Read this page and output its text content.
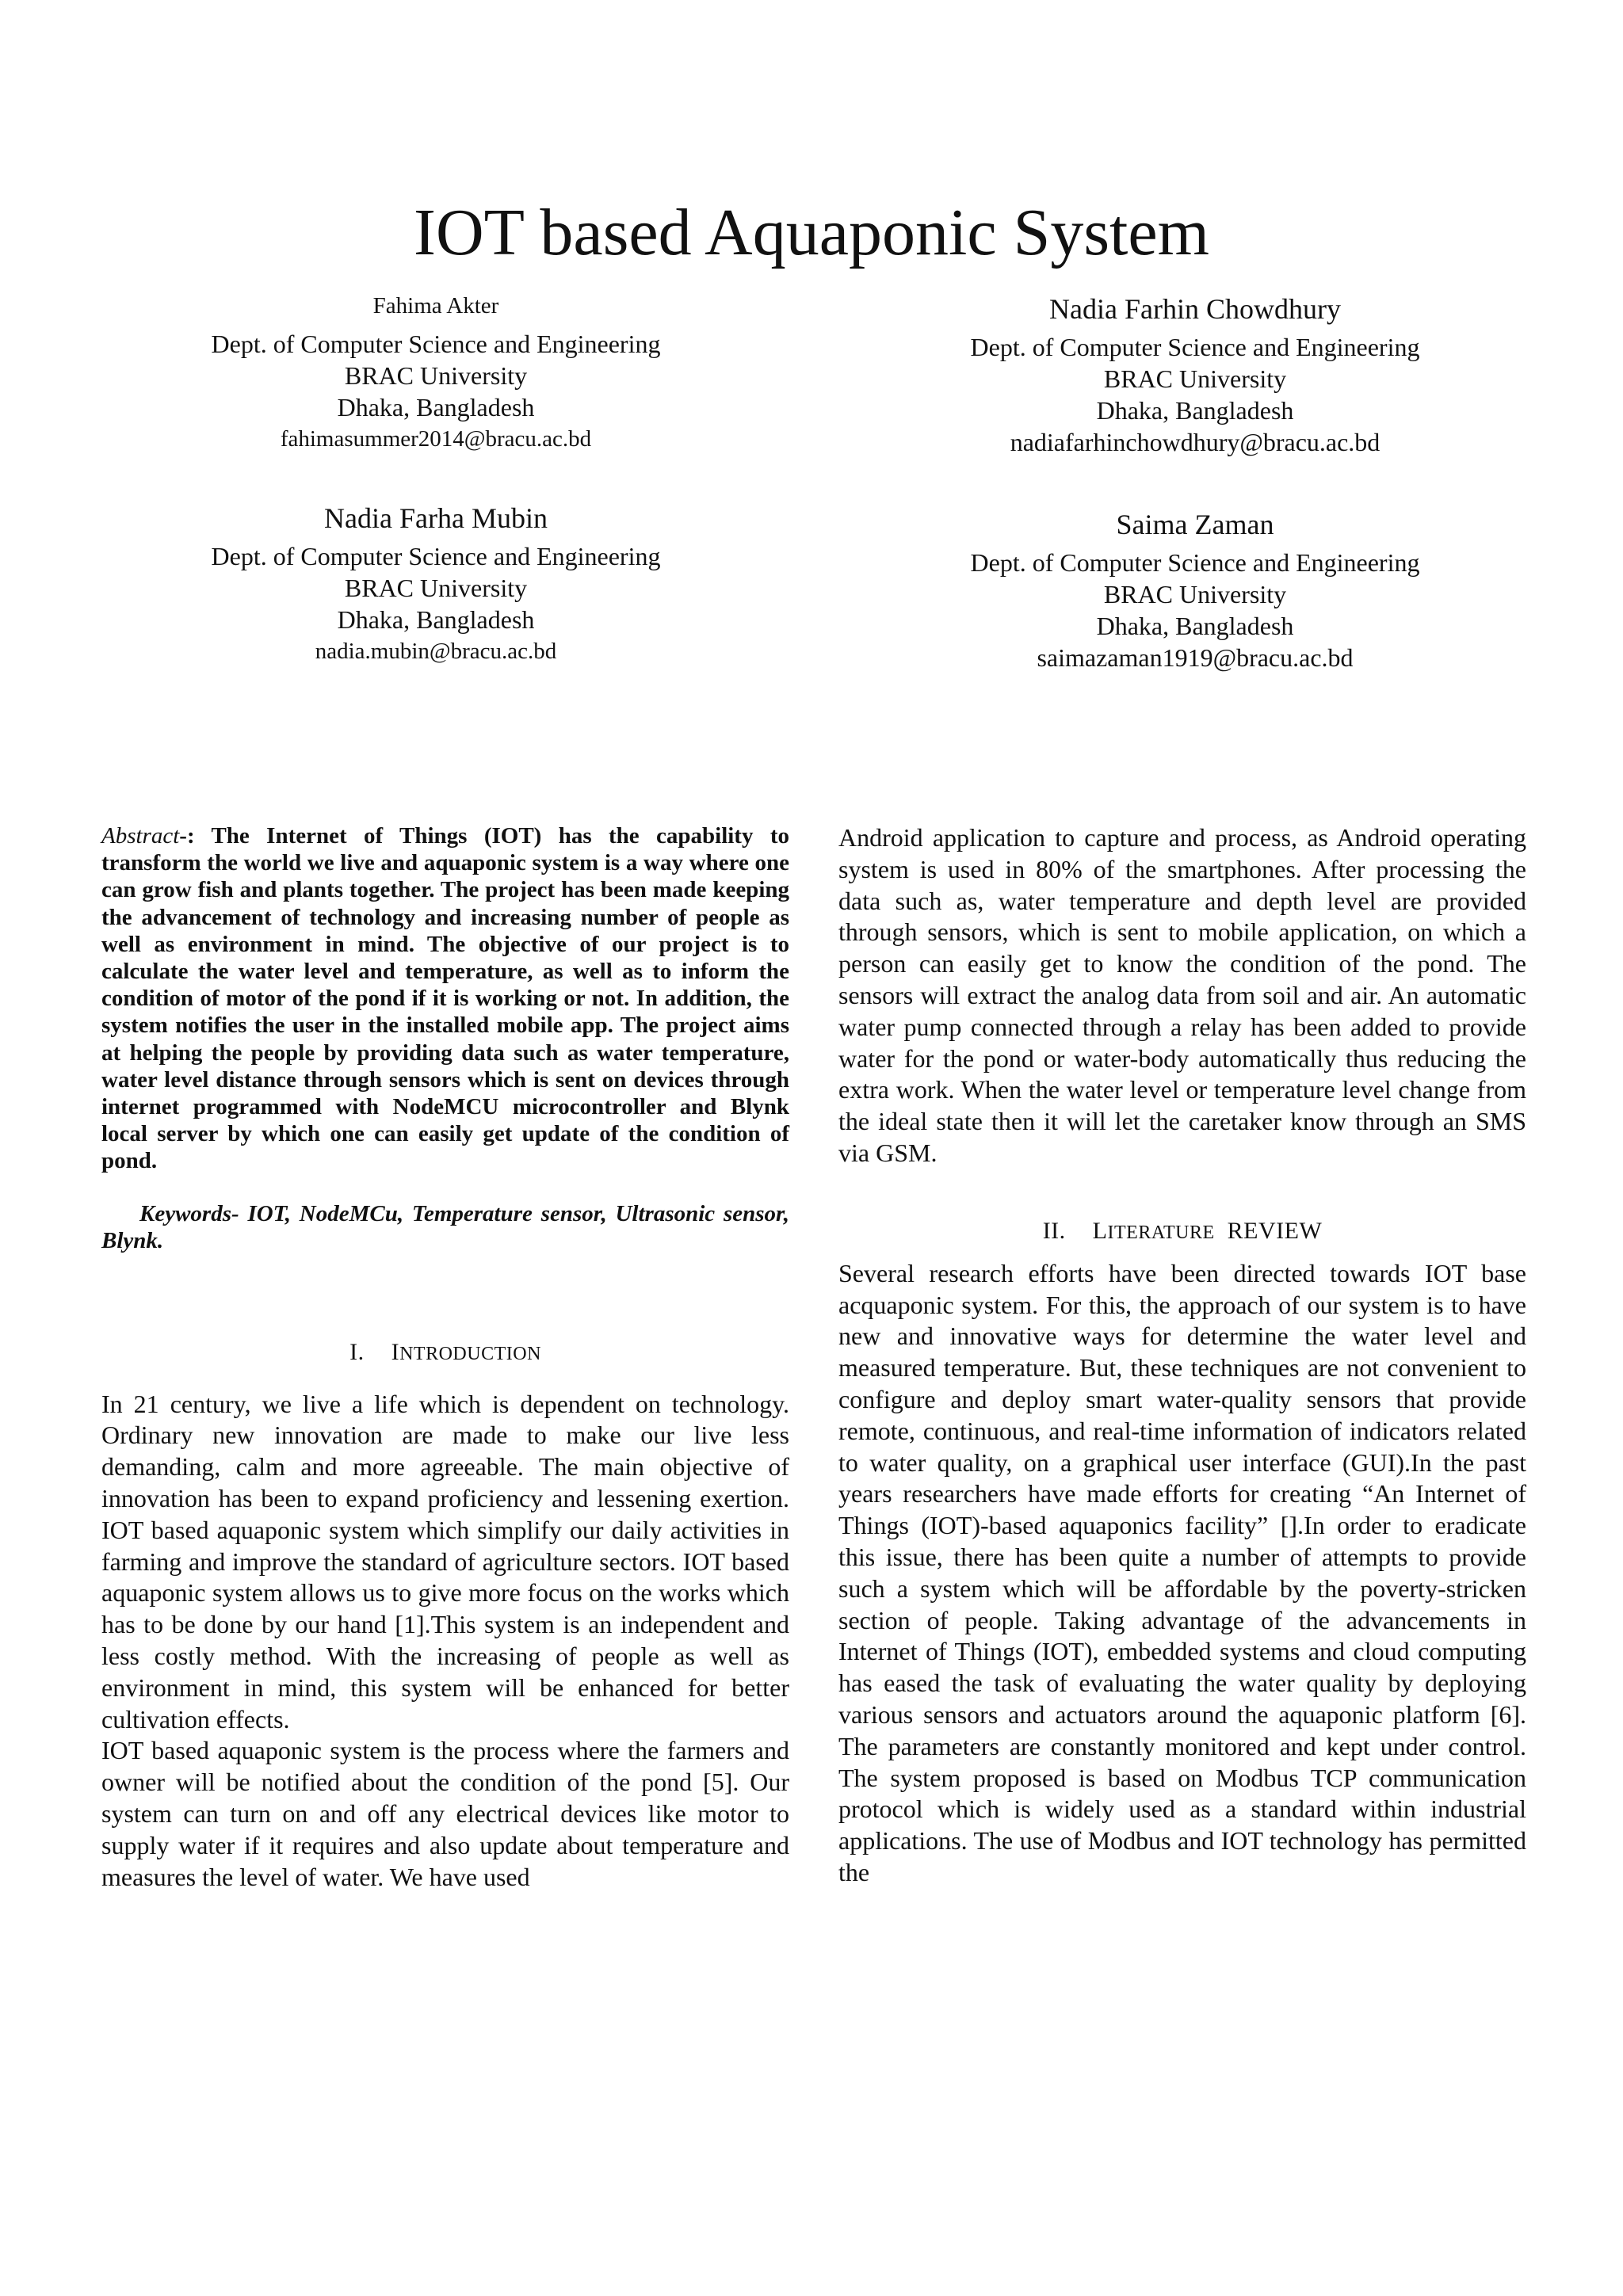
IOT based Aquaponic System
Fahima Akter
Dept. of Computer Science and Engineering
BRAC University
Dhaka, Bangladesh
fahimasummer2014@bracu.ac.bd
Nadia Farhin Chowdhury
Dept. of Computer Science and Engineering
BRAC University
Dhaka, Bangladesh
nadiafarhinchowdhury@bracu.ac.bd
Nadia Farha Mubin
Dept. of Computer Science and Engineering
BRAC University
Dhaka, Bangladesh
nadia.mubin@bracu.ac.bd
Saima Zaman
Dept. of Computer Science and Engineering
BRAC University
Dhaka, Bangladesh
saimazaman1919@bracu.ac.bd

Abstract-: The Internet of Things (IOT) has the capability to transform the world we live and aquaponic system is a way where one can grow fish and plants together. The project has been made keeping the advancement of technology and increasing number of people as well as environment in mind. The objective of our project is to calculate the water level and temperature, as well as to inform the condition of motor of the pond if it is working or not. In addition, the system notifies the user in the installed mobile app. The project aims at helping the people by providing data such as water temperature, water level distance through sensors which is sent on devices through internet programmed with NodeMCU microcontroller and Blynk local server by which one can easily get update of the condition of pond.

Keywords- IOT, NodeMCu, Temperature sensor, Ultrasonic sensor, Blynk.

I. INTRODUCTION

In 21 century, we live a life which is dependent on technology. Ordinary new innovation are made to make our live less demanding, calm and more agreeable. The main objective of innovation has been to expand proficiency and lessening exertion. IOT based aquaponic system which simplify our daily activities in farming and improve the standard of agriculture sectors. IOT based aquaponic system allows us to give more focus on the works which has to be done by our hand [1].This system is an independent and less costly method. With the increasing of people as well as environment in mind, this system will be enhanced for better cultivation effects.

IOT based aquaponic system is the process where the farmers and owner will be notified about the condition of the pond [5]. Our system can turn on and off any electrical devices like motor to supply water if it requires and also update about temperature and measures the level of water. We have used

Android application to capture and process, as Android operating system is used in 80% of the smartphones. After processing the data such as, water temperature and depth level are provided through sensors, which is sent to mobile application, on which a person can easily get to know the condition of the pond. The sensors will extract the analog data from soil and air. An automatic water pump connected through a relay has been added to provide water for the pond or water-body automatically thus reducing the extra work. When the water level or temperature level change from the ideal state then it will let the caretaker know through an SMS via GSM.

II. LITERATURE REVIEW

Several research efforts have been directed towards IOT base acquaponic system. For this, the approach of our system is to have new and innovative ways for determine the water level and measured temperature. But, these techniques are not convenient to configure and deploy smart water-quality sensors that provide remote, continuous, and real-time information of indicators related to water quality, on a graphical user interface (GUI).In the past years researchers have made efforts for creating “An Internet of Things (IOT)-based aquaponics facility” [].In order to eradicate this issue, there has been quite a number of attempts to provide such a system which will be affordable by the poverty-stricken section of people. Taking advantage of the advancements in Internet of Things (IOT), embedded systems and cloud computing has eased the task of evaluating the water quality by deploying various sensors and actuators around the aquaponic platform [6]. The parameters are constantly monitored and kept under control. The system proposed is based on Modbus TCP communication protocol which is widely used as a standard within industrial applications. The use of Modbus and IOT technology has permitted the
